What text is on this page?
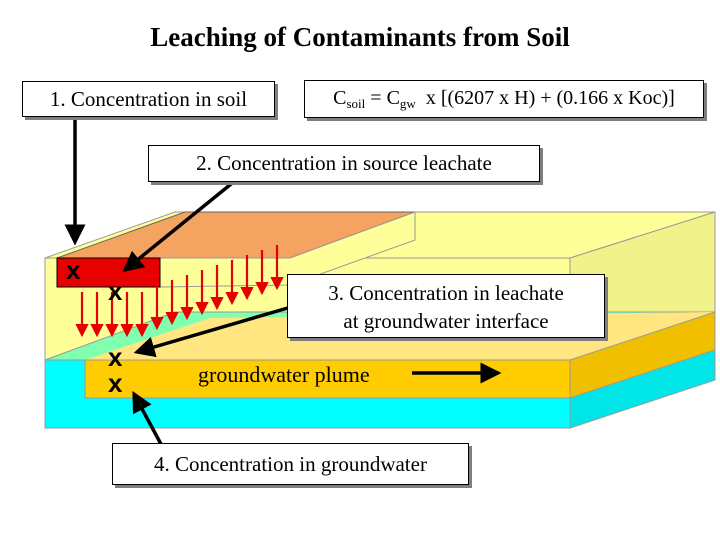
x
x
x
x	groundwater plume
Leaching of Contaminants from Soil
1. Concentration in soil	$C_{soil} = C_{gw}$  x [(6207 x H) + (0.166 x Koc)]
2. Concentration in source leachate
3. Concentration in leachate
at groundwater interface
4. Concentration in groundwater
